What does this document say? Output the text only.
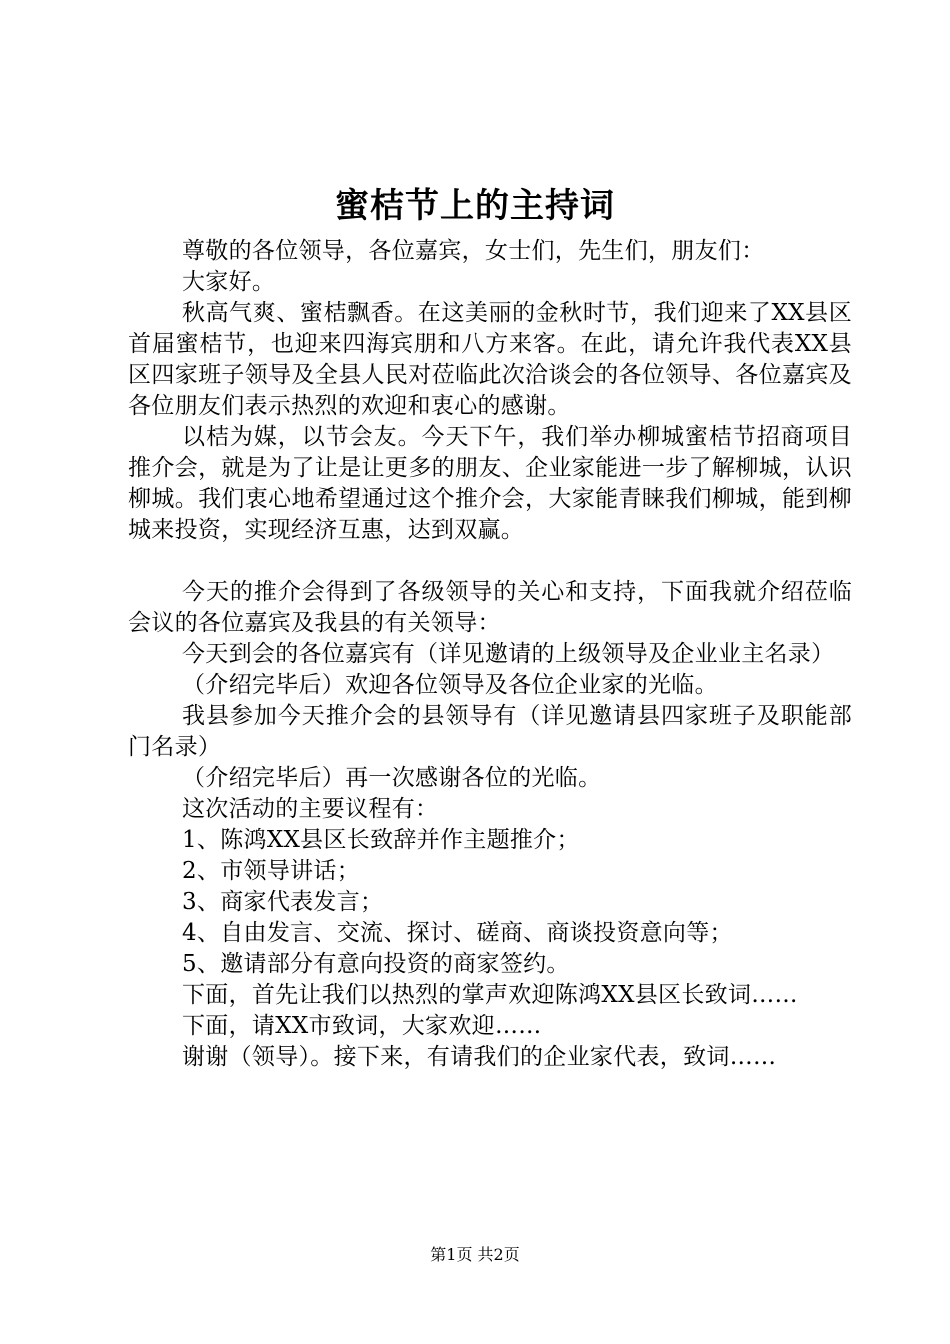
蜜桔节上的主持词

尊敬的各位领导，各位嘉宾，女士们，先生们，朋友们：

大家好。

秋高气爽、蜜桔飘香。在这美丽的金秋时节，我们迎来了XX县区首届蜜桔节，也迎来四海宾朋和八方来客。在此，请允许我代表XX县区四家班子领导及全县人民对莅临此次洽谈会的各位领导、各位嘉宾及各位朋友们表示热烈的欢迎和衷心的感谢。

以桔为媒，以节会友。今天下午，我们举办柳城蜜桔节招商项目推介会，就是为了让是让更多的朋友、企业家能进一步了解柳城，认识柳城。我们衷心地希望通过这个推介会，大家能青睐我们柳城，能到柳城来投资，实现经济互惠，达到双赢。

今天的推介会得到了各级领导的关心和支持，下面我就介绍莅临会议的各位嘉宾及我县的有关领导：

今天到会的各位嘉宾有（详见邀请的上级领导及企业业主名录）

（介绍完毕后）欢迎各位领导及各位企业家的光临。

我县参加今天推介会的县领导有（详见邀请县四家班子及职能部门名录）

（介绍完毕后）再一次感谢各位的光临。

这次活动的主要议程有：

1、陈鸿XX县区长致辞并作主题推介；

2、市领导讲话；

3、商家代表发言；

4、自由发言、交流、探讨、磋商、商谈投资意向等；

5、邀请部分有意向投资的商家签约。

下面，首先让我们以热烈的掌声欢迎陈鸿XX县区长致词……

下面，请XX市致词，大家欢迎……

谢谢（领导）。接下来，有请我们的企业家代表，致词……

第1页 共2页
